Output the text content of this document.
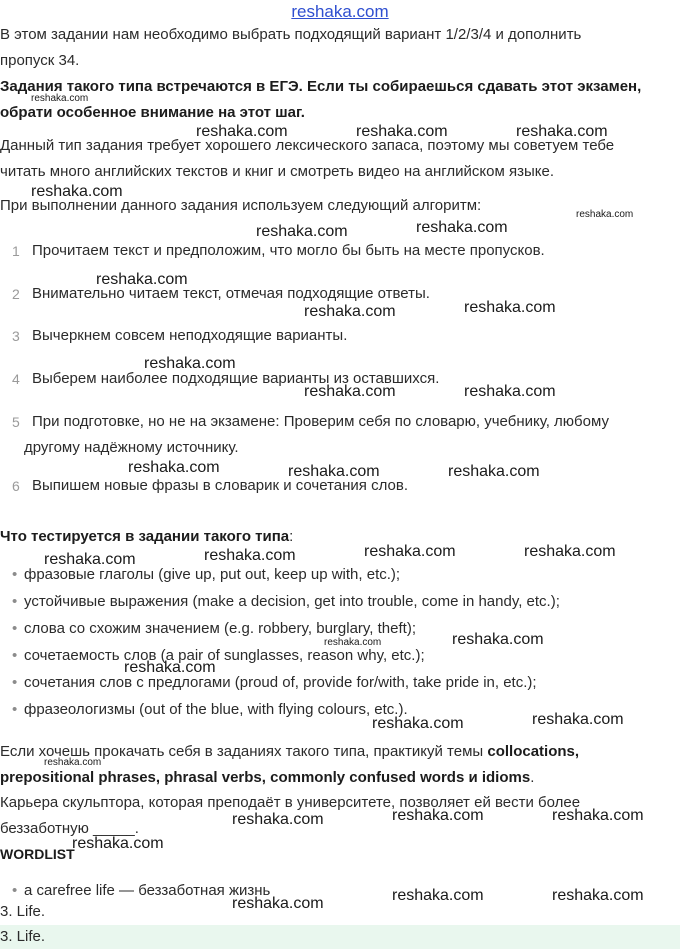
reshaka.com
В этом задании нам необходимо выбрать подходящий вариант 1/2/3/4 и дополнить
пропуск 34.
Задания такого типа встречаются в ЕГЭ. Если ты собираешься сдавать этот экзамен,
обрати особенное внимание на этот шаг.
Данный тип задания требует хорошего лексического запаса, поэтому мы советуем тебе
читать много английских текстов и книг и смотреть видео на английском языке.
При выполнении данного задания используем следующий алгоритм:
1 Прочитаем текст и предположим, что могло бы быть на месте пропусков.
2 Внимательно читаем текст, отмечая подходящие ответы.
3 Вычеркнем совсем неподходящие варианты.
4 Выберем наиболее подходящие варианты из оставшихся.
5 При подготовке, но не на экзамене: Проверим себя по словарю, учебнику, любому
другому надёжному источнику.
6 Выпишем новые фразы в словарик и сочетания слов.
Что тестируется в задании такого типа:
• фразовые глаголы (give up, put out, keep up with, etc.);
• устойчивые выражения (make a decision, get into trouble, come in handy, etc.);
• слова со схожим значением (e.g. robbery, burglary, theft);
• сочетаемость слов (a pair of sunglasses, reason why, etc.);
• сочетания слов с предлогами (proud of, provide for/with, take pride in, etc.);
• фразеологизмы (out of the blue, with flying colours, etc.).
Если хочешь прокачать себя в заданиях такого типа, практикуй темы collocations,
prepositional phrases, phrasal verbs, commonly confused words и idioms.
Карьера скульптора, которая преподаёт в университете, позволяет ей вести более
беззаботную _____.
WORDLIST
• a carefree life — беззаботная жизнь
3. Life.
3. Life.
reshaka.com
reshaka.com	reshaka.com	reshaka.com
reshaka.com
reshaka.com
reshaka.com	reshaka.com
reshaka.com
reshaka.com	reshaka.com
reshaka.com
reshaka.com	reshaka.com
reshaka.com	reshaka.com	reshaka.com
reshaka.com	reshaka.com	reshaka.com	reshaka.com
reshaka.com	reshaka.com
reshaka.com
reshaka.com	reshaka.com
reshaka.com
reshaka.com	reshaka.com	reshaka.com
reshaka.com
reshaka.com	reshaka.com	reshaka.com
